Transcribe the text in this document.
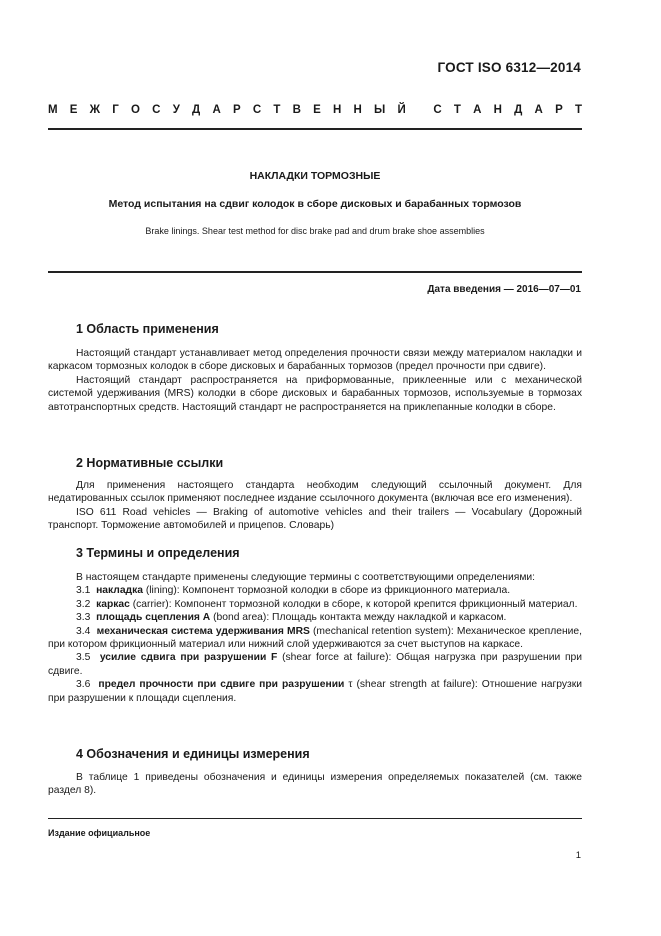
ГОСТ ISO 6312—2014
М Е Ж Г О С У Д А Р С Т В Е Н Н Ы Й
С Т А Н Д А Р Т
НАКЛАДКИ ТОРМОЗНЫЕ
Метод испытания на сдвиг колодок в сборе дисковых и барабанных тормозов
Brake linings. Shear test method for disc brake pad and drum brake shoe assemblies
Дата введения — 2016—07—01
1 Область применения

Настоящий стандарт устанавливает метод определения прочности связи между материалом накладки и каркасом тормозных колодок в сборе дисковых и барабанных тормозов (предел прочности при сдвиге).

Настоящий стандарт распространяется на приформованные, приклеенные или с механической системой удерживания (MRS) колодки в сборе дисковых и барабанных тормозов, используемые в тормозах автотранспортных средств. Настоящий стандарт не распространяется на приклепанные колодки в сборе.

2 Нормативные ссылки

Для применения настоящего стандарта необходим следующий ссылочный документ. Для недатированных ссылок применяют последнее издание ссылочного документа (включая все его изменения).

ISO 611 Road vehicles — Braking of automotive vehicles and their trailers — Vocabulary (Дорожный транспорт. Торможение автомобилей и прицепов. Словарь)

3 Термины и определения

В настоящем стандарте применены следующие термины с соответствующими определениями:

3.1 накладка (lining): Компонент тормозной колодки в сборе из фрикционного материала.

3.2 каркас (carrier): Компонент тормозной колодки в сборе, к которой крепится фрикционный материал.

3.3 площадь сцепления A (bond area): Площадь контакта между накладкой и каркасом.

3.4 механическая система удерживания MRS (mechanical retention system): Механическое крепление, при котором фрикционный материал или нижний слой удерживаются за счет выступов на каркасе.

3.5 усилие сдвига при разрушении F (shear force at failure): Общая нагрузка при разрушении при сдвиге.

3.6 предел прочности при сдвиге при разрушении τ (shear strength at failure): Отношение нагрузки при разрушении к площади сцепления.

4 Обозначения и единицы измерения

В таблице 1 приведены обозначения и единицы измерения определяемых показателей (см. также раздел 8).

Издание официальное
1
